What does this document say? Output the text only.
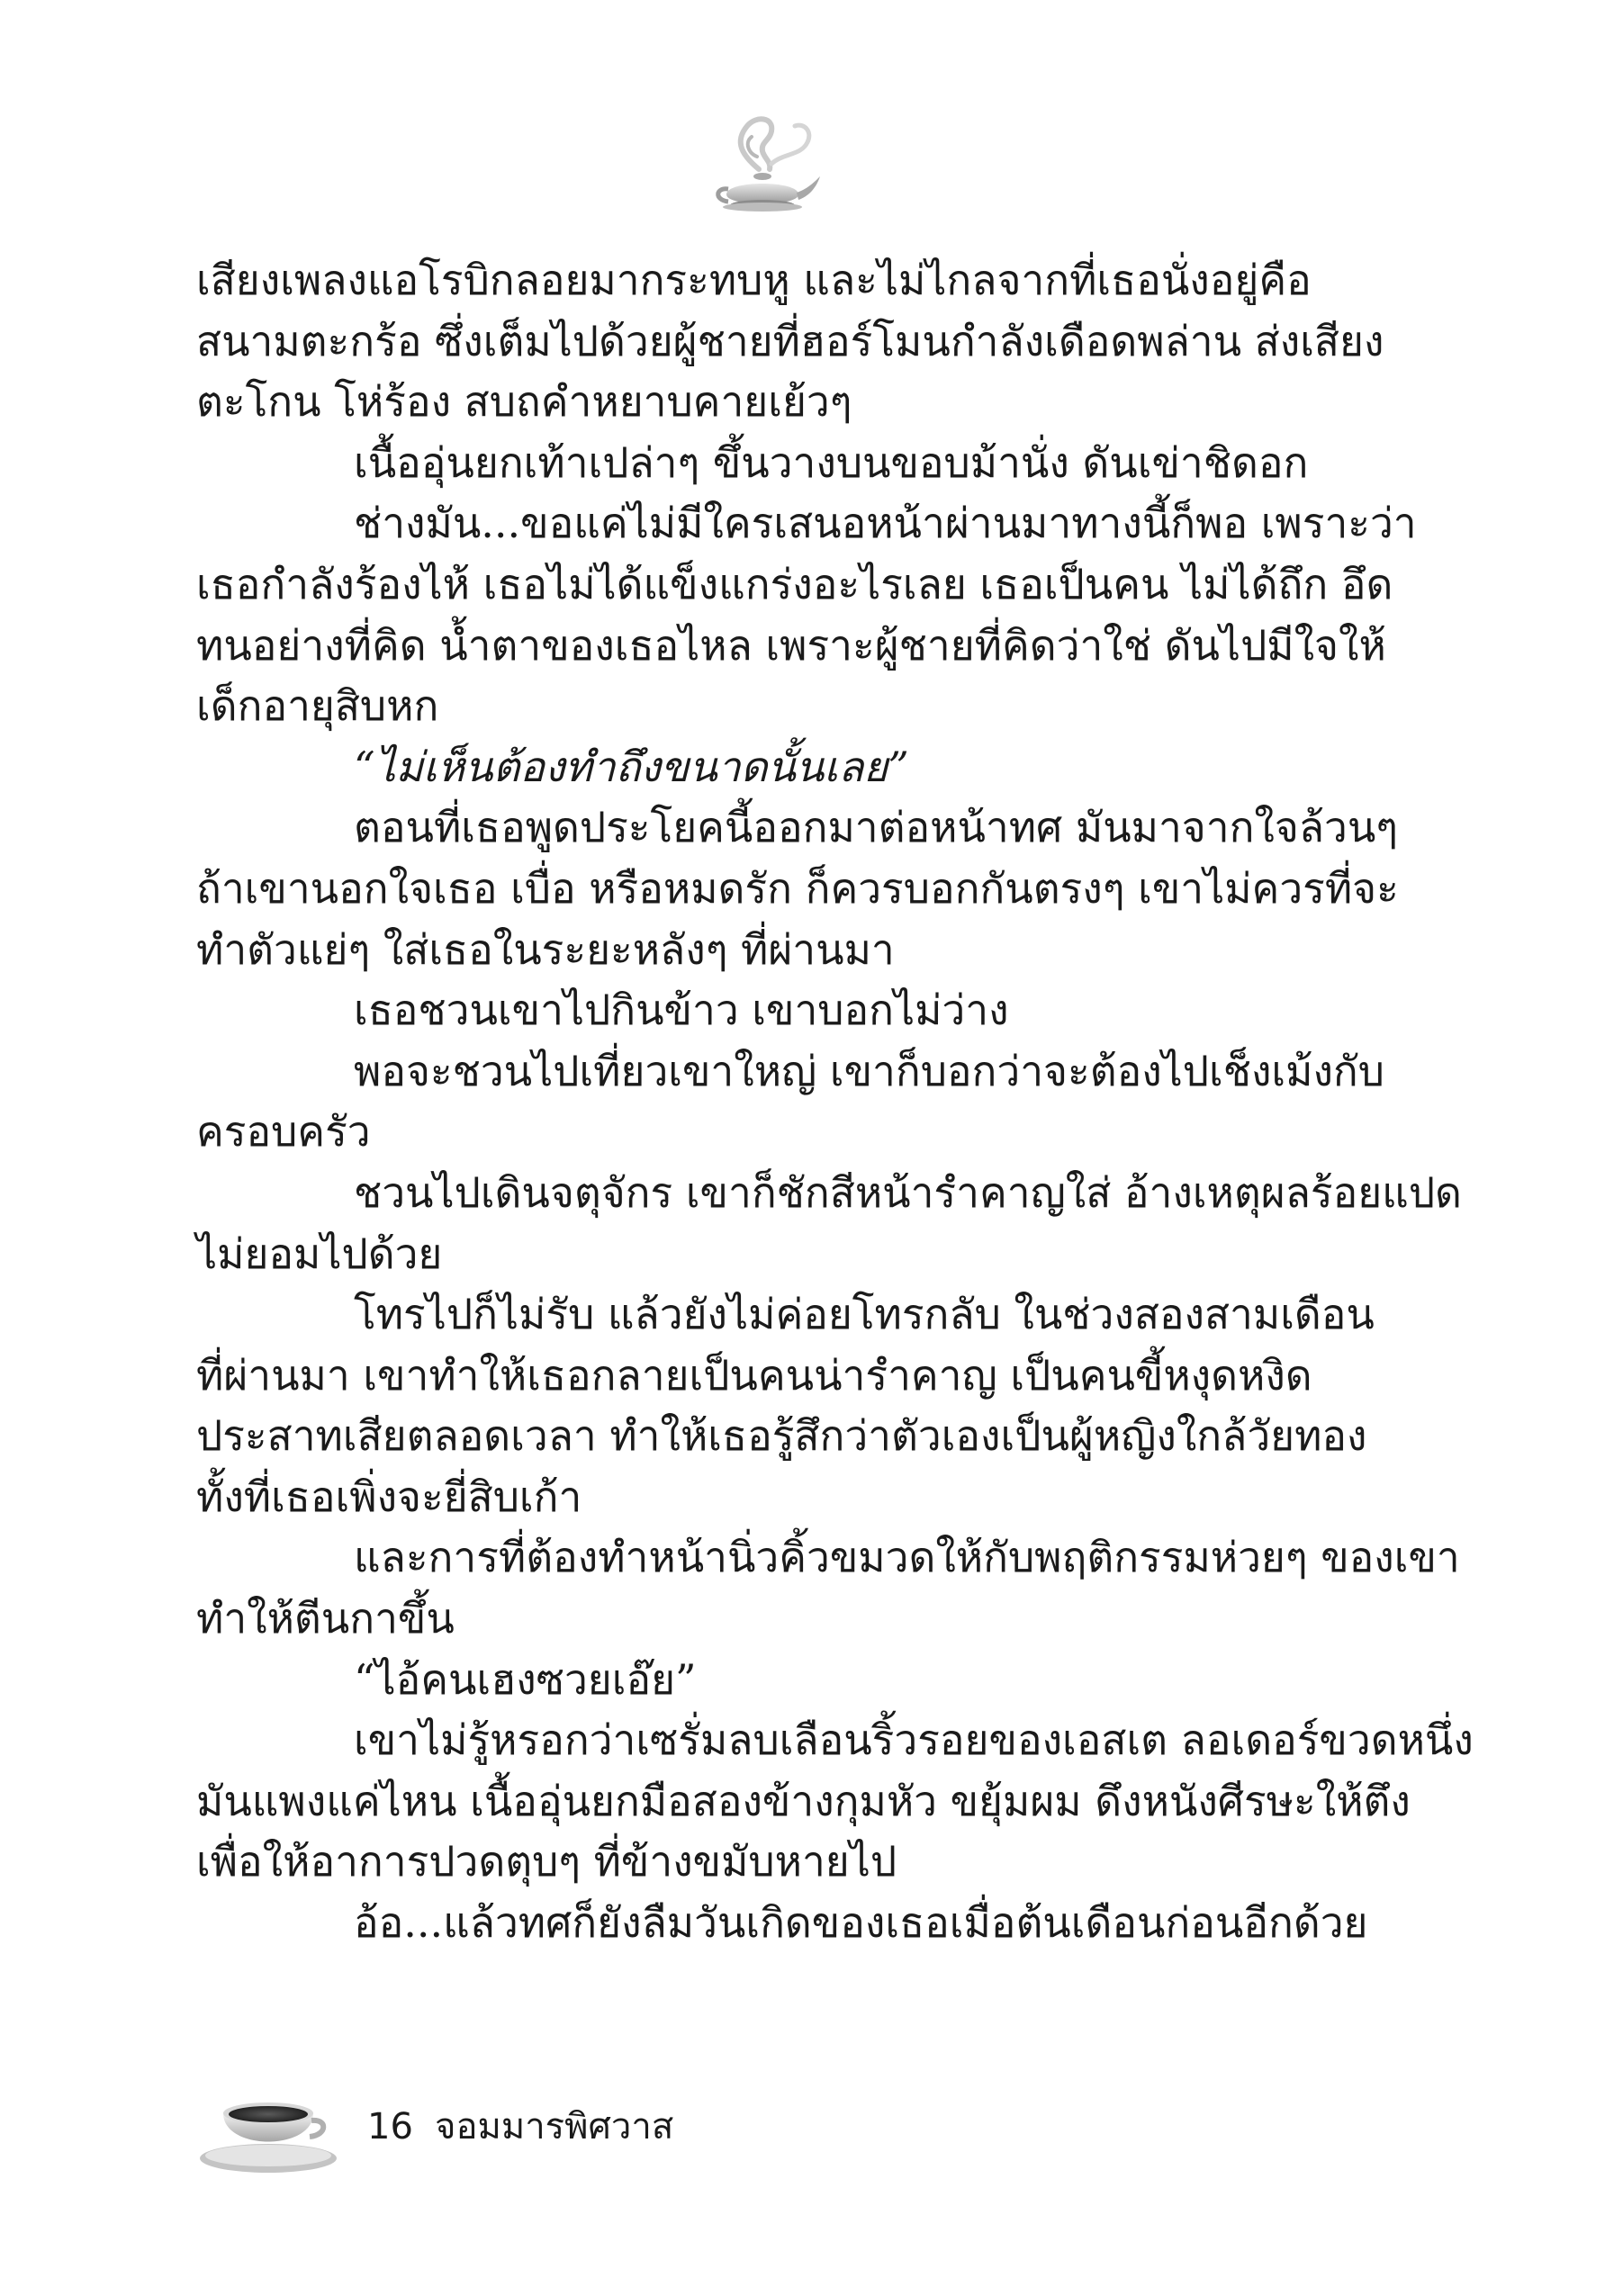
เสียงเพลงแอโรบิกลอยมากระทบหู และไม่ไกลจากที่เธอนั่งอยู่คือ
สนามตะกร้อ ซึ่งเต็มไปด้วยผู้ชายที่ฮอร์โมนกำลังเดือดพล่าน ส่งเสียง
ตะโกน โห่ร้อง สบถคำหยาบคายเย้วๆ
เนื้ออุ่นยกเท้าเปล่าๆ ขึ้นวางบนขอบม้านั่ง ดันเข่าชิดอก
ช่างมัน...ขอแค่ไม่มีใครเสนอหน้าผ่านมาทางนี้ก็พอ เพราะว่า
เธอกำลังร้องไห้ เธอไม่ได้แข็งแกร่งอะไรเลย เธอเป็นคน ไม่ได้ถึก อึด
ทนอย่างที่คิด น้ำตาของเธอไหล เพราะผู้ชายที่คิดว่าใช่ ดันไปมีใจให้
เด็กอายุสิบหก
“ไม่เห็นต้องทำถึงขนาดนั้นเลย”
ตอนที่เธอพูดประโยคนี้ออกมาต่อหน้าทศ มันมาจากใจล้วนๆ
ถ้าเขานอกใจเธอ เบื่อ หรือหมดรัก ก็ควรบอกกันตรงๆ เขาไม่ควรที่จะ
ทำตัวแย่ๆ ใส่เธอในระยะหลังๆ ที่ผ่านมา
เธอชวนเขาไปกินข้าว เขาบอกไม่ว่าง
พอจะชวนไปเที่ยวเขาใหญ่ เขาก็บอกว่าจะต้องไปเช็งเม้งกับ
ครอบครัว
ชวนไปเดินจตุจักร เขาก็ชักสีหน้ารำคาญใส่ อ้างเหตุผลร้อยแปด
ไม่ยอมไปด้วย
โทรไปก็ไม่รับ แล้วยังไม่ค่อยโทรกลับ ในช่วงสองสามเดือน
ที่ผ่านมา เขาทำให้เธอกลายเป็นคนน่ารำคาญ เป็นคนขี้หงุดหงิด
ประสาทเสียตลอดเวลา ทำให้เธอรู้สึกว่าตัวเองเป็นผู้หญิงใกล้วัยทอง
ทั้งที่เธอเพิ่งจะยี่สิบเก้า
และการที่ต้องทำหน้านิ่วคิ้วขมวดให้กับพฤติกรรมห่วยๆ ของเขา
ทำให้ตีนกาขึ้น
“ไอ้คนเฮงซวยเอ๊ย”
เขาไม่รู้หรอกว่าเซรั่มลบเลือนริ้วรอยของเอสเต ลอเดอร์ขวดหนึ่ง
มันแพงแค่ไหน เนื้ออุ่นยกมือสองข้างกุมหัว ขยุ้มผม ดึงหนังศีรษะให้ตึง
เพื่อให้อาการปวดตุบๆ ที่ข้างขมับหายไป
อ้อ...แล้วทศก็ยังลืมวันเกิดของเธอเมื่อต้นเดือนก่อนอีกด้วย
16 จอมมารพิศวาส
